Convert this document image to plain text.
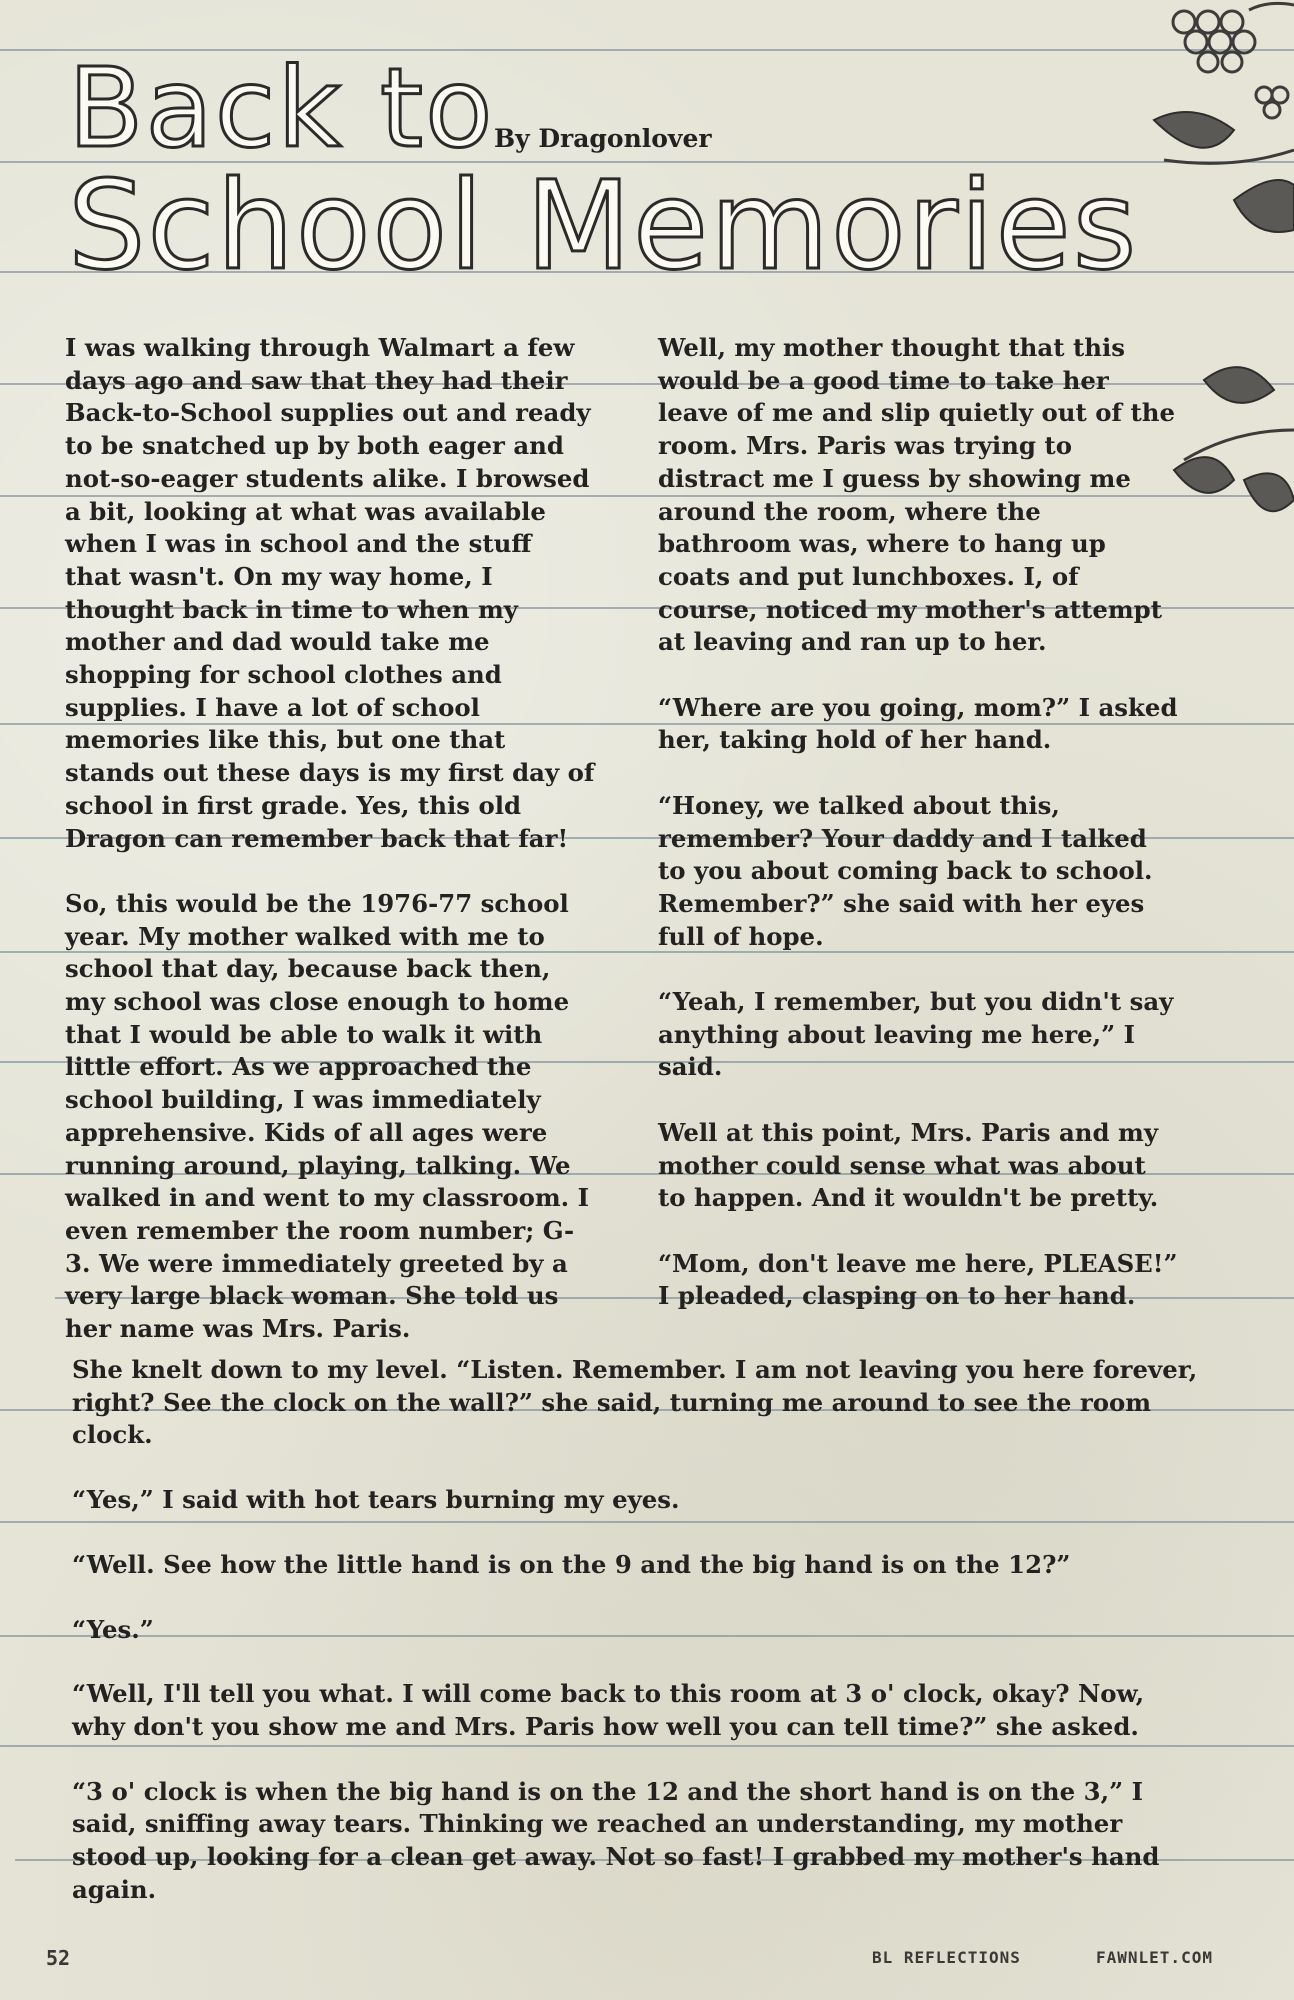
Back to By Dragonlover
School Memories

I was walking through Walmart a few days ago and saw that they had their Back-to-School supplies out and ready to be snatched up by both eager and not-so-eager students alike. I browsed a bit, looking at what was available when I was in school and the stuff that wasn't. On my way home, I thought back in time to when my mother and dad would take me shopping for school clothes and supplies. I have a lot of school memories like this, but one that stands out these days is my first day of school in first grade. Yes, this old Dragon can remember back that far!

So, this would be the 1976-77 school year. My mother walked with me to school that day, because back then, my school was close enough to home that I would be able to walk it with little effort. As we approached the school building, I was immediately apprehensive. Kids of all ages were running around, playing, talking. We walked in and went to my classroom. I even remember the room number; G-3. We were immediately greeted by a very large black woman. She told us her name was Mrs. Paris.

Well, my mother thought that this would be a good time to take her leave of me and slip quietly out of the room. Mrs. Paris was trying to distract me I guess by showing me around the room, where the bathroom was, where to hang up coats and put lunchboxes. I, of course, noticed my mother's attempt at leaving and ran up to her.

“Where are you going, mom?” I asked her, taking hold of her hand.

“Honey, we talked about this, remember? Your daddy and I talked to you about coming back to school. Remember?” she said with her eyes full of hope.

“Yeah, I remember, but you didn't say anything about leaving me here,” I said.

Well at this point, Mrs. Paris and my mother could sense what was about to happen. And it wouldn't be pretty.

“Mom, don't leave me here, PLEASE!” I pleaded, clasping on to her hand.

She knelt down to my level. “Listen. Remember. I am not leaving you here forever, right? See the clock on the wall?” she said, turning me around to see the room clock.

“Yes,” I said with hot tears burning my eyes.

“Well. See how the little hand is on the 9 and the big hand is on the 12?”

“Yes.”

“Well, I'll tell you what. I will come back to this room at 3 o' clock, okay? Now, why don't you show me and Mrs. Paris how well you can tell time?” she asked.

“3 o' clock is when the big hand is on the 12 and the short hand is on the 3,” I said, sniffing away tears. Thinking we reached an understanding, my mother stood up, looking for a clean get away. Not so fast! I grabbed my mother's hand again.

52	BL REFLECTIONS	FAWNLET.COM
